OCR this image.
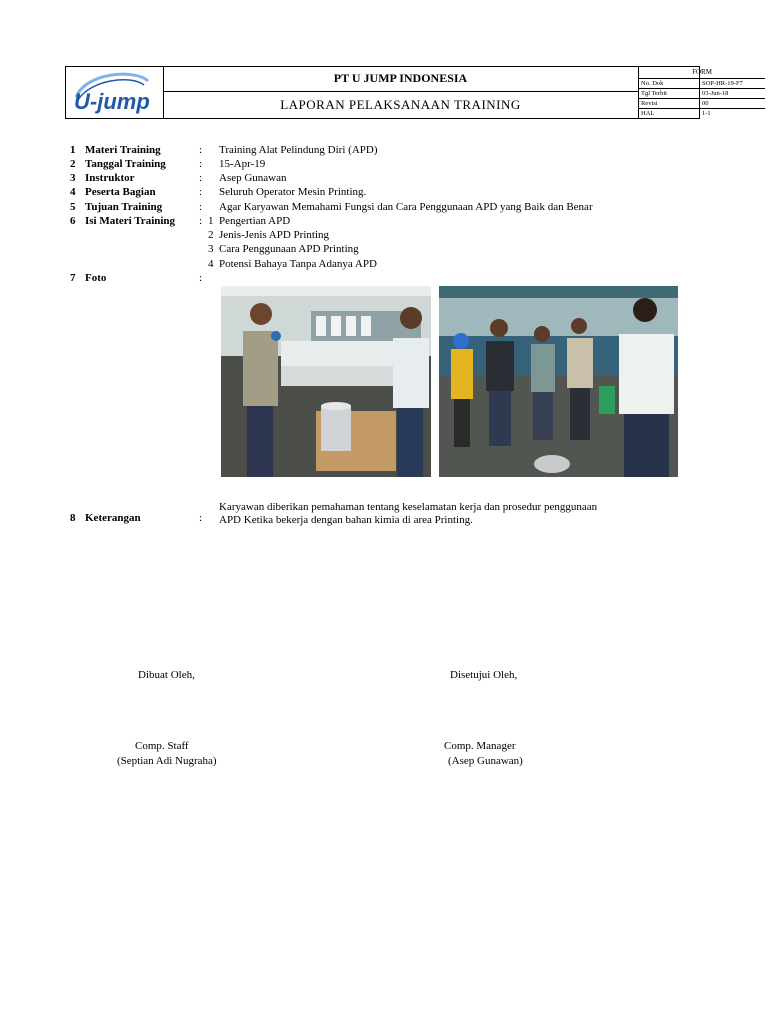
U-jump
PT U JUMP INDONESIA
LAPORAN PELAKSANAAN TRAINING
FORM
No. Dok	SOP-HR-19-F7
Tgl Terbit	03-Jun-18
Revisi	00
HAL	1-1
1 Materi Training	: Training Alat Pelindung Diri (APD)
2 Tanggal Training	: 15-Apr-19
3 Instruktor	: Asep Gunawan
4 Peserta Bagian	: Seluruh Operator Mesin Printing.
5 Tujuan Training	: Agar Karyawan Memahami Fungsi dan Cara Penggunaan APD yang Baik dan Benar
6 Isi Materi Training : 1 Pengertian APD
2 Jenis-Jenis APD Printing
3 Cara Penggunaan APD Printing
4 Potensi Bahaya Tanpa Adanya APD
7 Foto	:
8 Keterangan	:
Karyawan diberikan pemahaman tentang keselamatan kerja dan prosedur penggunaan
APD Ketika bekerja dengan bahan kimia di area Printing.
Dibuat Oleh,	Disetujui Oleh,
Comp. Staff
(Septian Adi Nugraha)
Comp. Manager
(Asep Gunawan)
